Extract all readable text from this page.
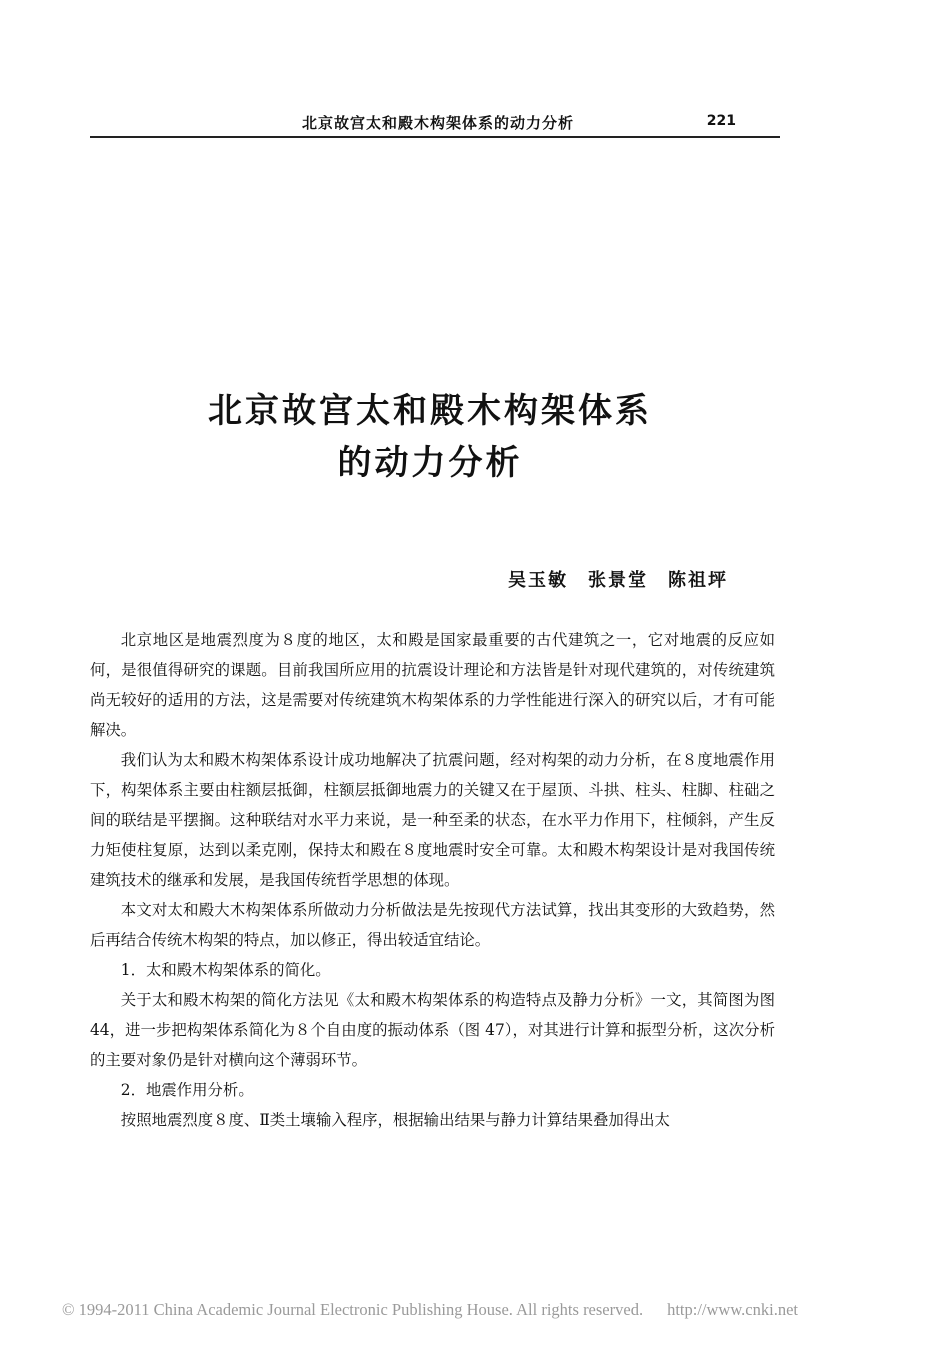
北京故宫太和殿木构架体系的动力分析	221
北京故宫太和殿木构架体系
的动力分析
吴玉敏 张景堂 陈祖坪

北京地区是地震烈度为８度的地区，太和殿是国家最重要的古代建筑之一，它对地震的反应如何，是很值得研究的课题。目前我国所应用的抗震设计理论和方法皆是针对现代建筑的，对传统建筑尚无较好的适用的方法，这是需要对传统建筑木构架体系的力学性能进行深入的研究以后，才有可能解决。

我们认为太和殿木构架体系设计成功地解决了抗震问题，经对构架的动力分析，在８度地震作用下，构架体系主要由柱额层抵御，柱额层抵御地震力的关键又在于屋顶、斗拱、柱头、柱脚、柱础之间的联结是平摆搁。这种联结对水平力来说，是一种至柔的状态，在水平力作用下，柱倾斜，产生反力矩使柱复原，达到以柔克刚，保持太和殿在８度地震时安全可靠。太和殿木构架设计是对我国传统建筑技术的继承和发展，是我国传统哲学思想的体现。

本文对太和殿大木构架体系所做动力分析做法是先按现代方法试算，找出其变形的大致趋势，然后再结合传统木构架的特点，加以修正，得出较适宜结论。

1．太和殿木构架体系的简化。

关于太和殿木构架的简化方法见《太和殿木构架体系的构造特点及静力分析》一文，其简图为图 44，进一步把构架体系简化为８个自由度的振动体系（图 47），对其进行计算和振型分析，这次分析的主要对象仍是针对横向这个薄弱环节。

2．地震作用分析。

按照地震烈度８度、Ⅱ类土壤输入程序，根据输出结果与静力计算结果叠加得出太

© 1994-2011 China Academic Journal Electronic Publishing House. All rights reserved. http://www.cnki.net
